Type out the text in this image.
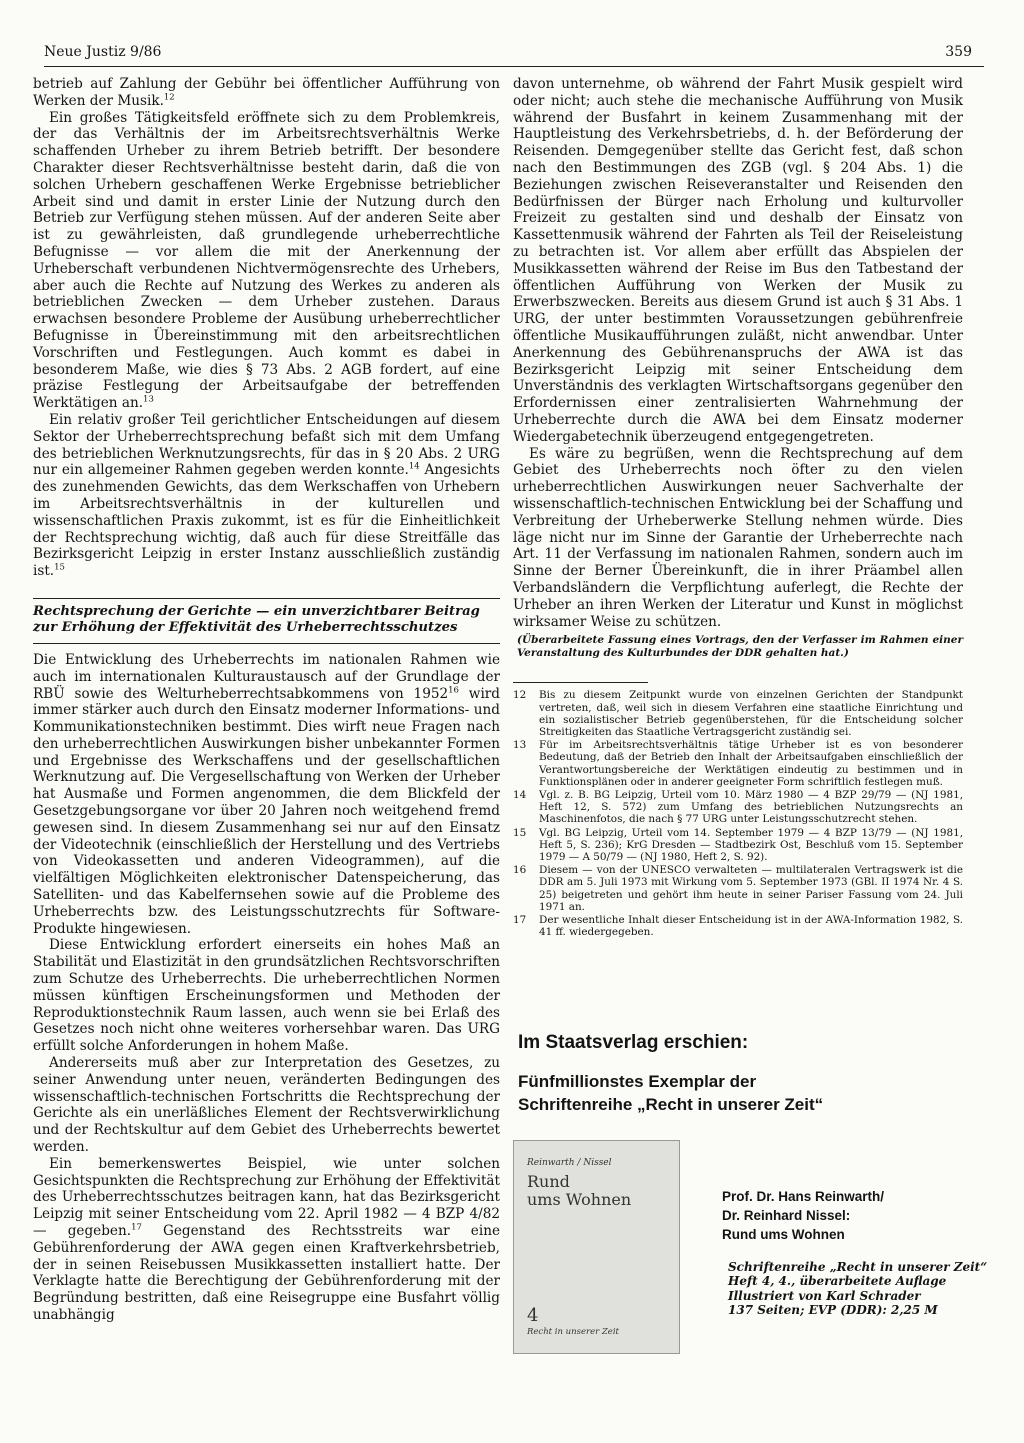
Neue Justiz 9/86	359

betrieb auf Zahlung der Gebühr bei öffentlicher Aufführung von Werken der Musik.$^{12}$

Ein großes Tätigkeitsfeld eröffnete sich zu dem Problemkreis, der das Verhältnis der im Arbeitsrechtsverhältnis Werke schaffenden Urheber zu ihrem Betrieb betrifft. Der besondere Charakter dieser Rechtsverhältnisse besteht darin, daß die von solchen Urhebern geschaffenen Werke Ergebnisse betrieblicher Arbeit sind und damit in erster Linie der Nutzung durch den Betrieb zur Verfügung stehen müssen. Auf der anderen Seite aber ist zu gewährleisten, daß grundlegende urheberrechtliche Befugnisse — vor allem die mit der Anerkennung der Urheberschaft verbundenen Nichtvermögensrechte des Urhebers, aber auch die Rechte auf Nutzung des Werkes zu anderen als betrieblichen Zwecken — dem Urheber zustehen. Daraus erwachsen besondere Probleme der Ausübung urheberrechtlicher Befugnisse in Übereinstimmung mit den arbeitsrechtlichen Vorschriften und Festlegungen. Auch kommt es dabei in besonderem Maße, wie dies § 73 Abs. 2 AGB fordert, auf eine präzise Festlegung der Arbeitsaufgabe der betreffenden Werktätigen an.$^{13}$

Ein relativ großer Teil gerichtlicher Entscheidungen auf diesem Sektor der Urheberrechtsprechung befaßt sich mit dem Umfang des betrieblichen Werknutzungsrechts, für das in § 20 Abs. 2 URG nur ein allgemeiner Rahmen gegeben werden konnte.$^{14}$ Angesichts des zunehmenden Gewichts, das dem Werkschaffen von Urhebern im Arbeitsrechtsverhältnis in der kulturellen und wissenschaftlichen Praxis zukommt, ist es für die Einheitlichkeit der Rechtsprechung wichtig, daß auch für diese Streitfälle das Bezirksgericht Leipzig in erster Instanz ausschließlich zuständig ist.$^{15}$

Rechtsprechung der Gerichte — ein unverzichtbarer Beitrag zur Erhöhung der Effektivität des Urheberrechtsschutzes

Die Entwicklung des Urheberrechts im nationalen Rahmen wie auch im internationalen Kulturaustausch auf der Grundlage der RBÜ sowie des Welturheberrechtsabkommens von 1952$^{16}$ wird immer stärker auch durch den Einsatz moderner Informations- und Kommunikationstechniken bestimmt. Dies wirft neue Fragen nach den urheberrechtlichen Auswirkungen bisher unbekannter Formen und Ergebnisse des Werkschaffens und der gesellschaftlichen Werknutzung auf. Die Vergesellschaftung von Werken der Urheber hat Ausmaße und Formen angenommen, die dem Blickfeld der Gesetzgebungsorgane vor über 20 Jahren noch weitgehend fremd gewesen sind. In diesem Zusammenhang sei nur auf den Einsatz der Videotechnik (einschließlich der Herstellung und des Vertriebs von Videokassetten und anderen Videogrammen), auf die vielfältigen Möglichkeiten elektronischer Datenspeicherung, das Satelliten- und das Kabelfernsehen sowie auf die Probleme des Urheberrechts bzw. des Leistungsschutzrechts für Software-Produkte hingewiesen.

Diese Entwicklung erfordert einerseits ein hohes Maß an Stabilität und Elastizität in den grundsätzlichen Rechtsvorschriften zum Schutze des Urheberrechts. Die urheberrechtlichen Normen müssen künftigen Erscheinungsformen und Methoden der Reproduktionstechnik Raum lassen, auch wenn sie bei Erlaß des Gesetzes noch nicht ohne weiteres vorhersehbar waren. Das URG erfüllt solche Anforderungen in hohem Maße.

Andererseits muß aber zur Interpretation des Gesetzes, zu seiner Anwendung unter neuen, veränderten Bedingungen des wissenschaftlich-technischen Fortschritts die Rechtsprechung der Gerichte als ein unerläßliches Element der Rechtsverwirklichung und der Rechtskultur auf dem Gebiet des Urheberrechts bewertet werden.

Ein bemerkenswertes Beispiel, wie unter solchen Gesichtspunkten die Rechtsprechung zur Erhöhung der Effektivität des Urheberrechtsschutzes beitragen kann, hat das Bezirksgericht Leipzig mit seiner Entscheidung vom 22. April 1982 — 4 BZP 4/82 — gegeben.$^{17}$ Gegenstand des Rechtsstreits war eine Gebührenforderung der AWA gegen einen Kraftverkehrsbetrieb, der in seinen Reisebussen Musikkassetten installiert hatte. Der Verklagte hatte die Berechtigung der Gebührenforderung mit der Begründung bestritten, daß eine Reisegruppe eine Busfahrt völlig unabhängig

davon unternehme, ob während der Fahrt Musik gespielt wird oder nicht; auch stehe die mechanische Aufführung von Musik während der Busfahrt in keinem Zusammenhang mit der Hauptleistung des Verkehrsbetriebs, d. h. der Beförderung der Reisenden. Demgegenüber stellte das Gericht fest, daß schon nach den Bestimmungen des ZGB (vgl. § 204 Abs. 1) die Beziehungen zwischen Reiseveranstalter und Reisenden den Bedürfnissen der Bürger nach Erholung und kulturvoller Freizeit zu gestalten sind und deshalb der Einsatz von Kassettenmusik während der Fahrten als Teil der Reiseleistung zu betrachten ist. Vor allem aber erfüllt das Abspielen der Musikkassetten während der Reise im Bus den Tatbestand der öffentlichen Aufführung von Werken der Musik zu Erwerbszwecken. Bereits aus diesem Grund ist auch § 31 Abs. 1 URG, der unter bestimmten Voraussetzungen gebührenfreie öffentliche Musikaufführungen zuläßt, nicht anwendbar. Unter Anerkennung des Gebührenanspruchs der AWA ist das Bezirksgericht Leipzig mit seiner Entscheidung dem Unverständnis des verklagten Wirtschaftsorgans gegenüber den Erfordernissen einer zentralisierten Wahrnehmung der Urheberrechte durch die AWA bei dem Einsatz moderner Wiedergabetechnik überzeugend entgegengetreten.

Es wäre zu begrüßen, wenn die Rechtsprechung auf dem Gebiet des Urheberrechts noch öfter zu den vielen urheberrechtlichen Auswirkungen neuer Sachverhalte der wissenschaftlich-technischen Entwicklung bei der Schaffung und Verbreitung der Urheberwerke Stellung nehmen würde. Dies läge nicht nur im Sinne der Garantie der Urheberrechte nach Art. 11 der Verfassung im nationalen Rahmen, sondern auch im Sinne der Berner Übereinkunft, die in ihrer Präambel allen Verbandsländern die Verpflichtung auferlegt, die Rechte der Urheber an ihren Werken der Literatur und Kunst in möglichst wirksamer Weise zu schützen.

(Überarbeitete Fassung eines Vortrags, den der Verfasser im Rahmen einer Veranstaltung des Kulturbundes der DDR gehalten hat.)
12	Bis zu diesem Zeitpunkt wurde von einzelnen Gerichten der Standpunkt vertreten, daß, weil sich in diesem Verfahren eine staatliche Einrichtung und ein sozialistischer Betrieb gegenüberstehen, für die Entscheidung solcher Streitigkeiten das Staatliche Vertragsgericht zuständig sei.
13	Für im Arbeitsrechtsverhältnis tätige Urheber ist es von besonderer Bedeutung, daß der Betrieb den Inhalt der Arbeitsaufgaben einschließlich der Verantwortungsbereiche der Werktätigen eindeutig zu bestimmen und in Funktionsplänen oder in anderer geeigneter Form schriftlich festlegen muß.
14	Vgl. z. B. BG Leipzig, Urteil vom 10. März 1980 — 4 BZP 29/79 — (NJ 1981, Heft 12, S. 572) zum Umfang des betrieblichen Nutzungsrechts an Maschinenfotos, die nach § 77 URG unter Leistungsschutzrecht stehen.
15	Vgl. BG Leipzig, Urteil vom 14. September 1979 — 4 BZP 13/79 — (NJ 1981, Heft 5, S. 236); KrG Dresden — Stadtbezirk Ost, Beschluß vom 15. September 1979 — A 50/79 — (NJ 1980, Heft 2, S. 92).
16	Diesem — von der UNESCO verwalteten — multilateralen Vertragswerk ist die DDR am 5. Juli 1973 mit Wirkung vom 5. September 1973 (GBl. II 1974 Nr. 4 S. 25) beigetreten und gehört ihm heute in seiner Pariser Fassung vom 24. Juli 1971 an.
17	Der wesentliche Inhalt dieser Entscheidung ist in der AWA-Information 1982, S. 41 ff. wiedergegeben.
Im Staatsverlag erschien:
Fünfmillionstes Exemplar der
Schriftenreihe „Recht in unserer Zeit“
Reinwarth / Nissel
Rund
ums Wohnen
4
Recht in unserer Zeit
Prof. Dr. Hans Reinwarth/
Dr. Reinhard Nissel:
Rund ums Wohnen
Schriftenreihe „Recht in unserer Zeit“
Heft 4, 4., überarbeitete Auflage
Illustriert von Karl Schrader
137 Seiten; EVP (DDR): 2,25 M
